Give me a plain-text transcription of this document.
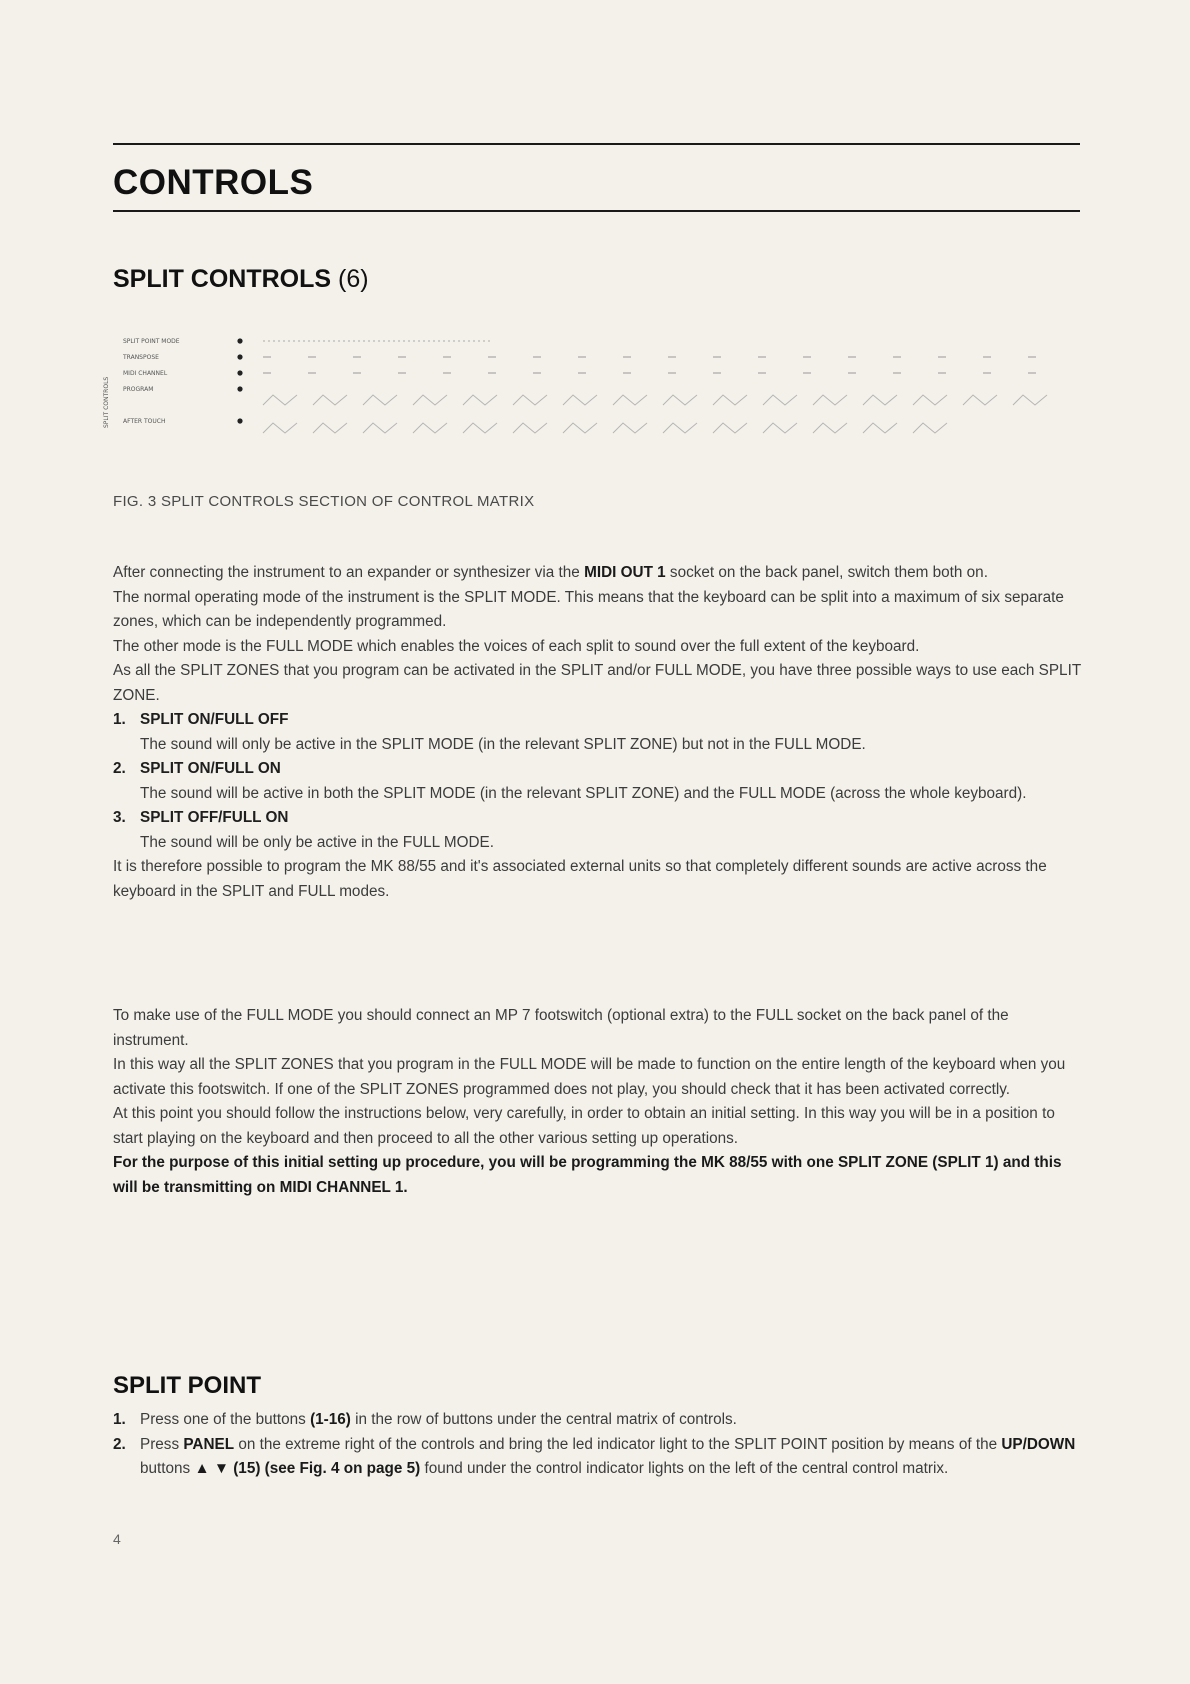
CONTROLS
SPLIT CONTROLS (6)
SPLIT CONTROLS
SPLIT POINT MODE
TRANSPOSE
MIDI CHANNEL
PROGRAM
AFTER TOUCH
FIG. 3 SPLIT CONTROLS SECTION OF CONTROL MATRIX

After connecting the instrument to an expander or synthesizer via the MIDI OUT 1 socket on the back panel, switch them both on.

The normal operating mode of the instrument is the SPLIT MODE. This means that the keyboard can be split into a maximum of six separate zones, which can be independently programmed.

The other mode is the FULL MODE which enables the voices of each split to sound over the full extent of the keyboard.

As all the SPLIT ZONES that you program can be activated in the SPLIT and/or FULL MODE, you have three possible ways to use each SPLIT ZONE.

1. SPLIT ON/FULL OFF

The sound will only be active in the SPLIT MODE (in the relevant SPLIT ZONE) but not in the FULL MODE.

2. SPLIT ON/FULL ON

The sound will be active in both the SPLIT MODE (in the relevant SPLIT ZONE) and the FULL MODE (across the whole keyboard).

3. SPLIT OFF/FULL ON

The sound will be only be active in the FULL MODE.

It is therefore possible to program the MK 88/55 and it's associated external units so that completely different sounds are active across the keyboard in the SPLIT and FULL modes.

To make use of the FULL MODE you should connect an MP 7 footswitch (optional extra) to the FULL socket on the back panel of the instrument.

In this way all the SPLIT ZONES that you program in the FULL MODE will be made to function on the entire length of the keyboard when you activate this footswitch. If one of the SPLIT ZONES programmed does not play, you should check that it has been activated correctly.

At this point you should follow the instructions below, very carefully, in order to obtain an initial setting. In this way you will be in a position to start playing on the keyboard and then proceed to all the other various setting up operations.

For the purpose of this initial setting up procedure, you will be programming the MK 88/55 with one SPLIT ZONE (SPLIT 1) and this will be transmitting on MIDI CHANNEL 1.

SPLIT POINT
1. Press one of the buttons (1-16) in the row of buttons under the central matrix of controls.

2. Press PANEL on the extreme right of the controls and bring the led indicator light to the SPLIT POINT position by means of the UP/DOWN buttons ▲ ▼ (15) (see Fig. 4 on page 5) found under the control indicator lights on the left of the central control matrix.

4
